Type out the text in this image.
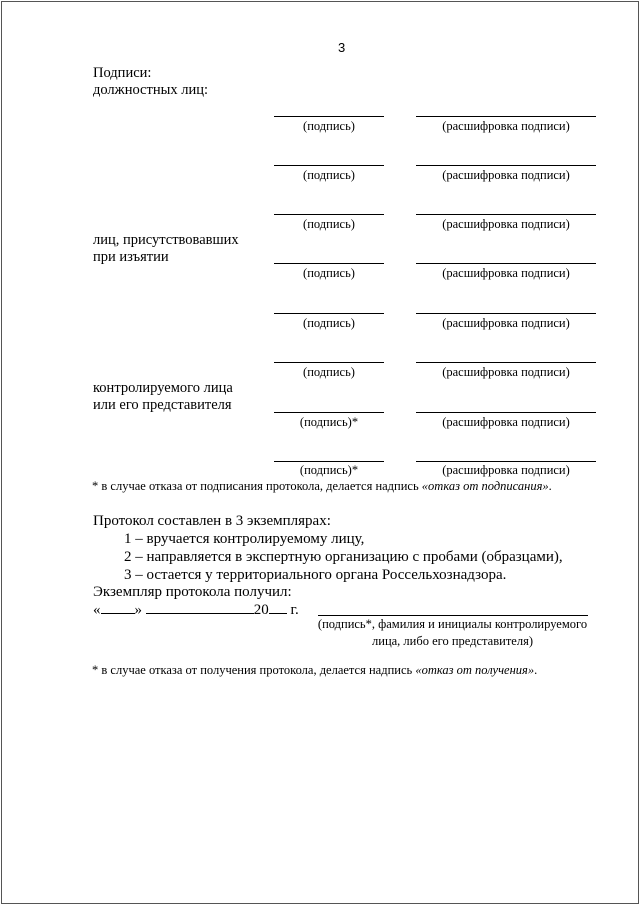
3
Подписи:
должностных лиц:
лиц, присутствовавших
при изъятии
контролируемого лица
или его представителя
(подпись)	(расшифровка подписи)
(подпись)	(расшифровка подписи)
(подпись)	(расшифровка подписи)
(подпись)	(расшифровка подписи)
(подпись)	(расшифровка подписи)
(подпись)	(расшифровка подписи)
(подпись)*	(расшифровка подписи)
(подпись)*	(расшифровка подписи)
* в случае отказа от подписания протокола, делается надпись «отказ от подписания».
Протокол составлен в 3 экземплярах:
1 – вручается контролируемому лицу,
2 – направляется в экспертную организацию с пробами (образцами),
3 – остается у территориального органа Россельхознадзора.
Экземпляр протокола получил:
« »	20 г.
(подпись*, фамилия и инициалы контролируемого
лица, либо его представителя)
* в случае отказа от получения протокола, делается надпись «отказ от получения».
